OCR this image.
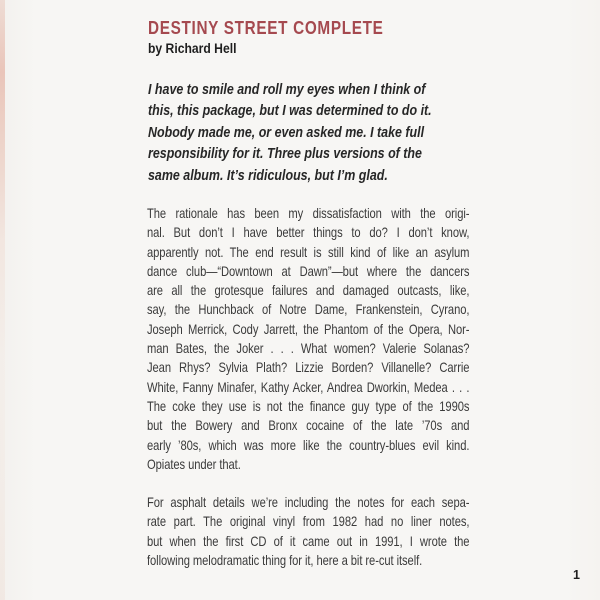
DESTINY STREET COMPLETE
by Richard Hell
I have to smile and roll my eyes when I think of
this, this package, but I was determined to do it.
Nobody made me, or even asked me. I take full
responsibility for it. Three plus versions of the
same album. It’s ridiculous, but I’m glad.
The rationale has been my dissatisfaction with the origi-
nal. But don’t I have better things to do? I don’t know,
apparently not. The end result is still kind of like an asylum
dance club—“Downtown at Dawn”—but where the dancers
are all the grotesque failures and damaged outcasts, like,
say, the Hunchback of Notre Dame, Frankenstein, Cyrano,
Joseph Merrick, Cody Jarrett, the Phantom of the Opera, Nor-
man Bates, the Joker . . . What women? Valerie Solanas?
Jean Rhys? Sylvia Plath? Lizzie Borden? Villanelle? Carrie
White, Fanny Minafer, Kathy Acker, Andrea Dworkin, Medea . . .
The coke they use is not the finance guy type of the 1990s
but the Bowery and Bronx cocaine of the late ’70s and
early ’80s, which was more like the country-blues evil kind.
Opiates under that.
For asphalt details we’re including the notes for each sepa-
rate part. The original vinyl from 1982 had no liner notes,
but when the first CD of it came out in 1991, I wrote the
following melodramatic thing for it, here a bit re-cut itself.
1
